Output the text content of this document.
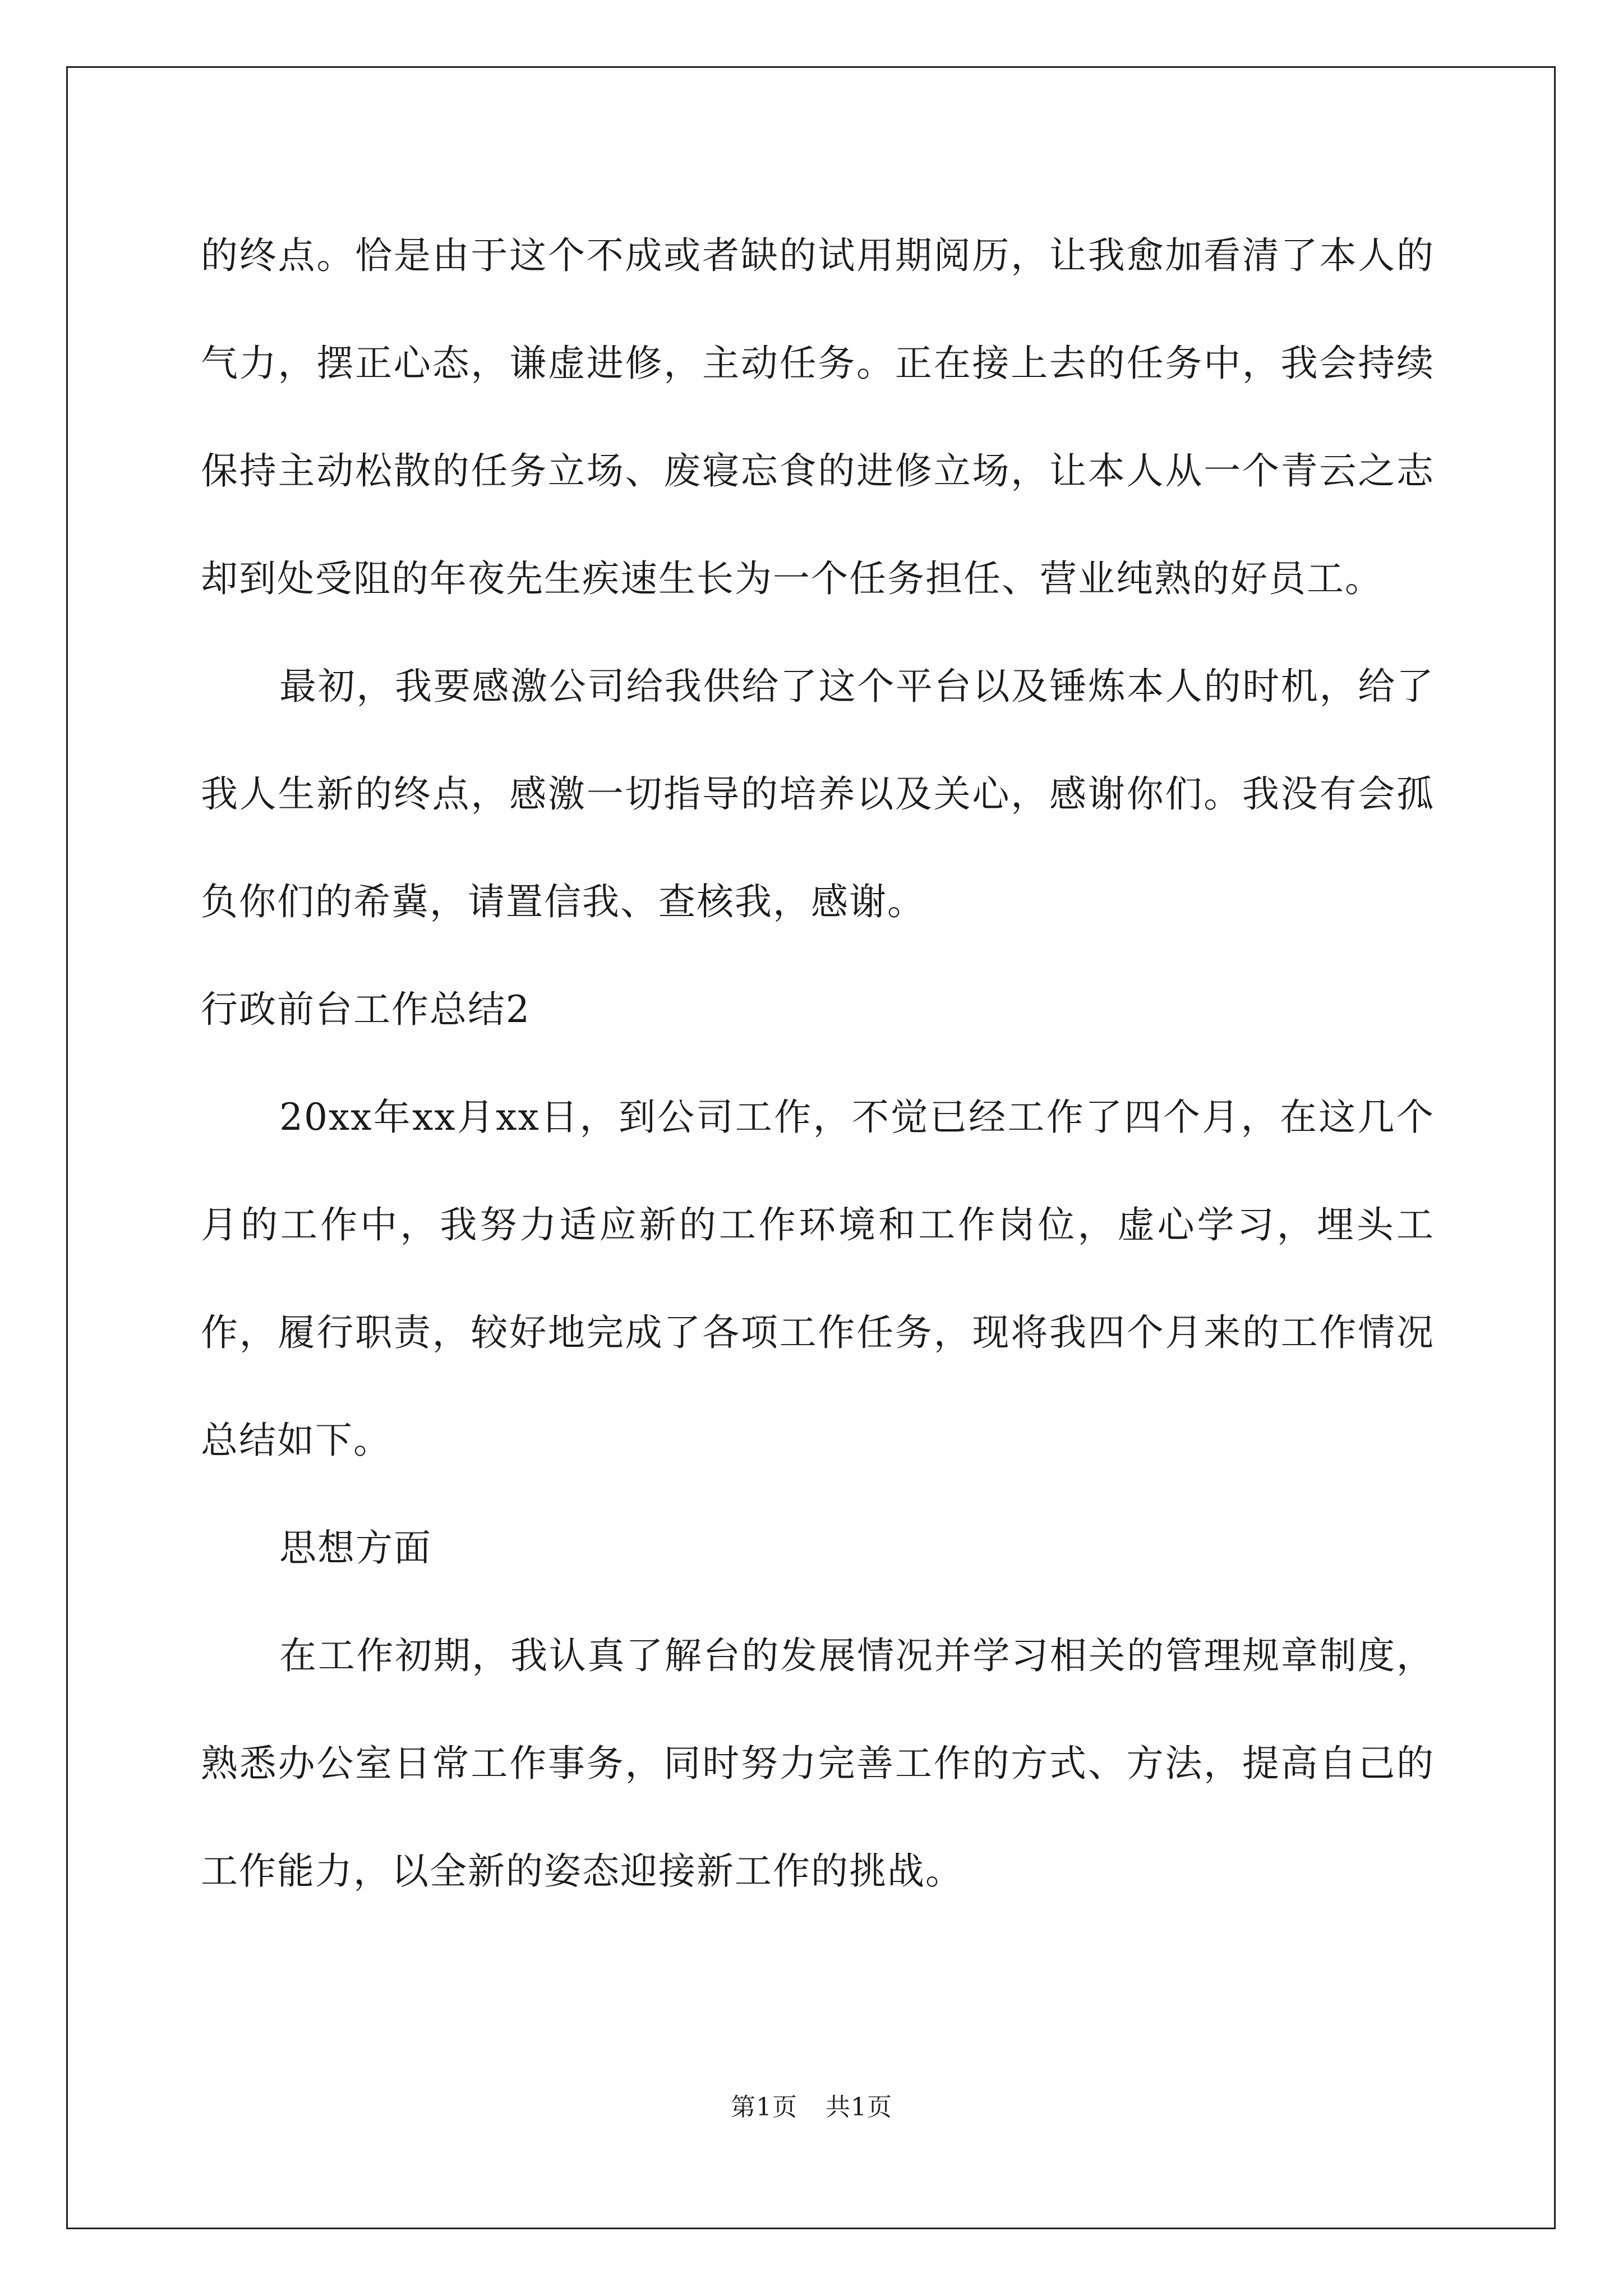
的终点。恰是由于这个不成或者缺的试用期阅历，让我愈加看清了本人的气力，摆正心态，谦虚进修，主动任务。正在接上去的任务中，我会持续保持主动松散的任务立场、废寝忘食的进修立场，让本人从一个青云之志却到处受阻的年夜先生疾速生长为一个任务担任、营业纯熟的好员工。

最初，我要感激公司给我供给了这个平台以及锤炼本人的时机，给了我人生新的终点，感激一切指导的培养以及关心，感谢你们。我没有会孤负你们的希冀，请置信我、查核我，感谢。

行政前台工作总结2

20xx年xx月xx日，到公司工作，不觉已经工作了四个月，在这几个月的工作中，我努力适应新的工作环境和工作岗位，虚心学习，埋头工作，履行职责，较好地完成了各项工作任务，现将我四个月来的工作情况总结如下。

思想方面

在工作初期，我认真了解台的发展情况并学习相关的管理规章制度，熟悉办公室日常工作事务，同时努力完善工作的方式、方法，提高自己的工作能力，以全新的姿态迎接新工作的挑战。

第1页 共1页
